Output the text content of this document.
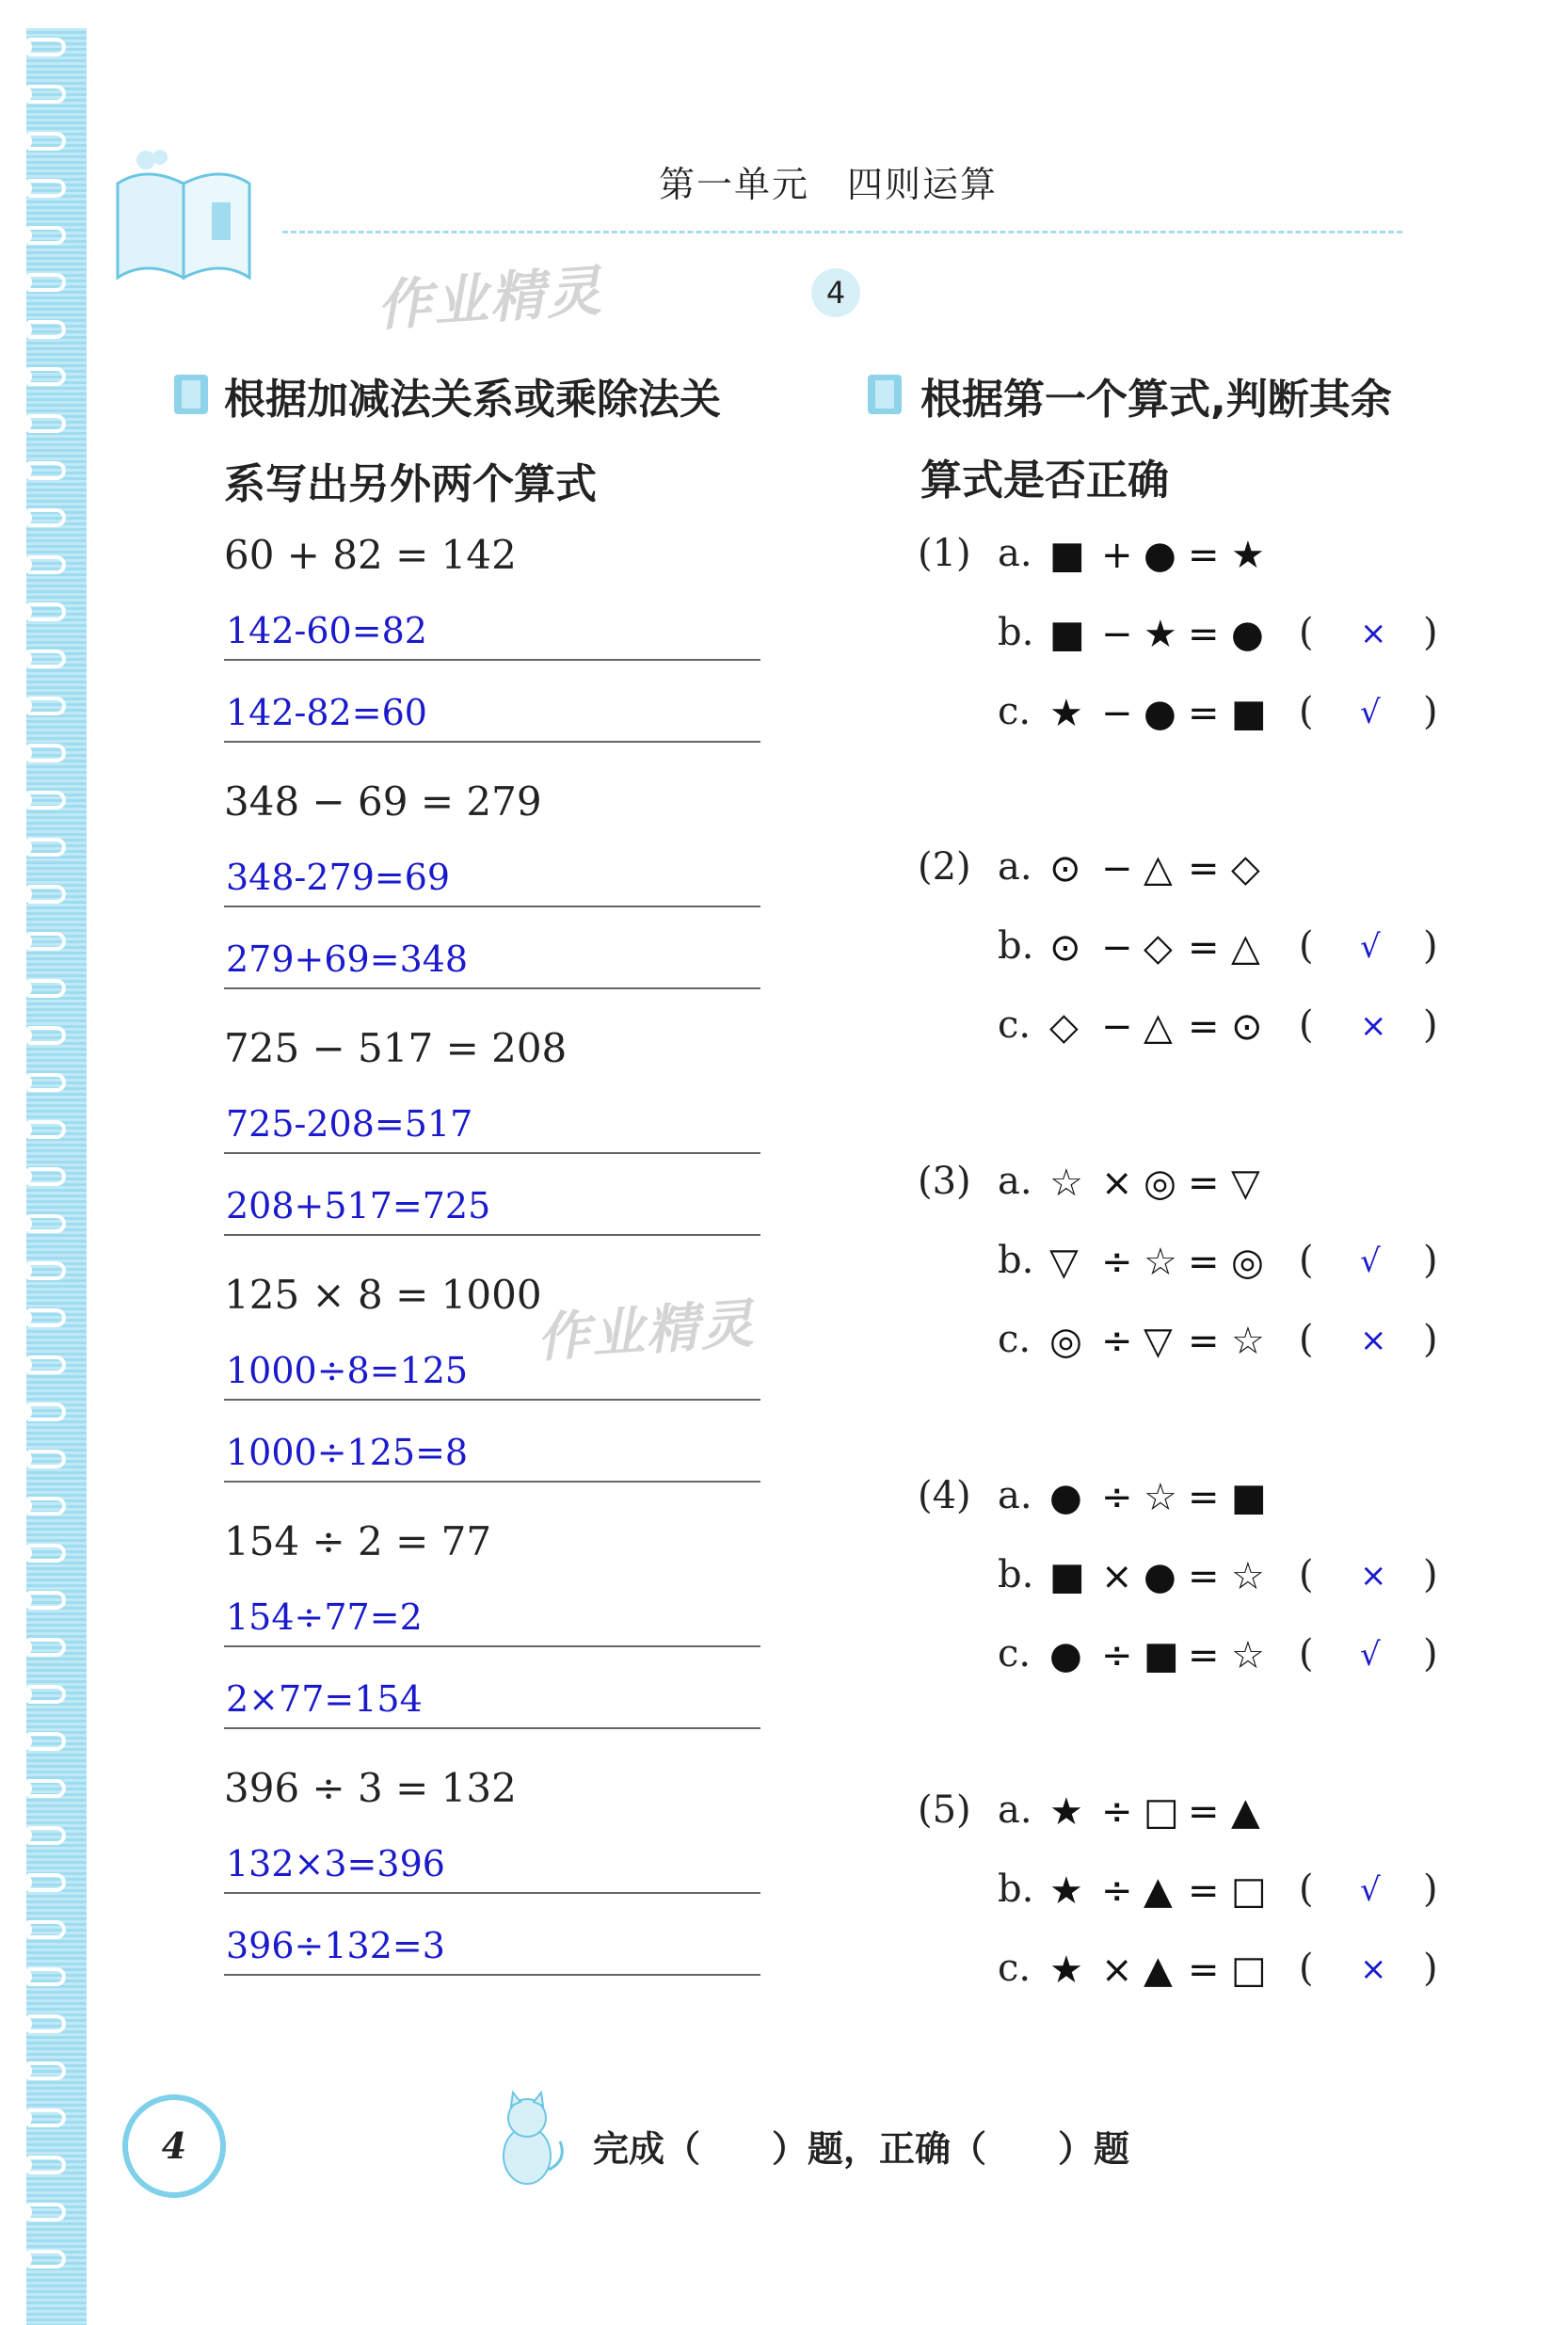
第一单元　四则运算
4
作业精灵
作业精灵
根据加减法关系或乘除法关
系写出另外两个算式
60 + 82 = 142
142-60=82
142-82=60
348 − 69 = 279
348-279=69
279+69=348
725 − 517 = 208
725-208=517
208+517=725
125 × 8 = 1000
1000÷8=125
1000÷125=8
154 ÷ 2 = 77
154÷77=2
2×77=154
396 ÷ 3 = 132
132×3=396
396÷132=3
根据第一个算式,判断其余
算式是否正确
(1) a. ■ + ● = ★
b. ■ − ★ = ● ( × )
c. ★ − ● = ■ ( √ )
(2) a. ⊙ − △ = ◇
b. ⊙ − ◇ = △ ( √ )
c. ◇ − △ = ⊙ ( × )
(3) a. ☆ × ◎ = ▽
b. ▽ ÷ ☆ = ◎ ( √ )
c. ◎ ÷ ▽ = ☆ ( × )
(4) a. ● ÷ ☆ = ■
b. ■ × ● = ☆ ( × )
c. ● ÷ ■ = ☆ ( √ )
(5) a. ★ ÷ □ = ▲
b. ★ ÷ ▲ = □ ( √ )
c. ★ × ▲ = □ ( × )
4	完成（　　）题，正确（　　）题
